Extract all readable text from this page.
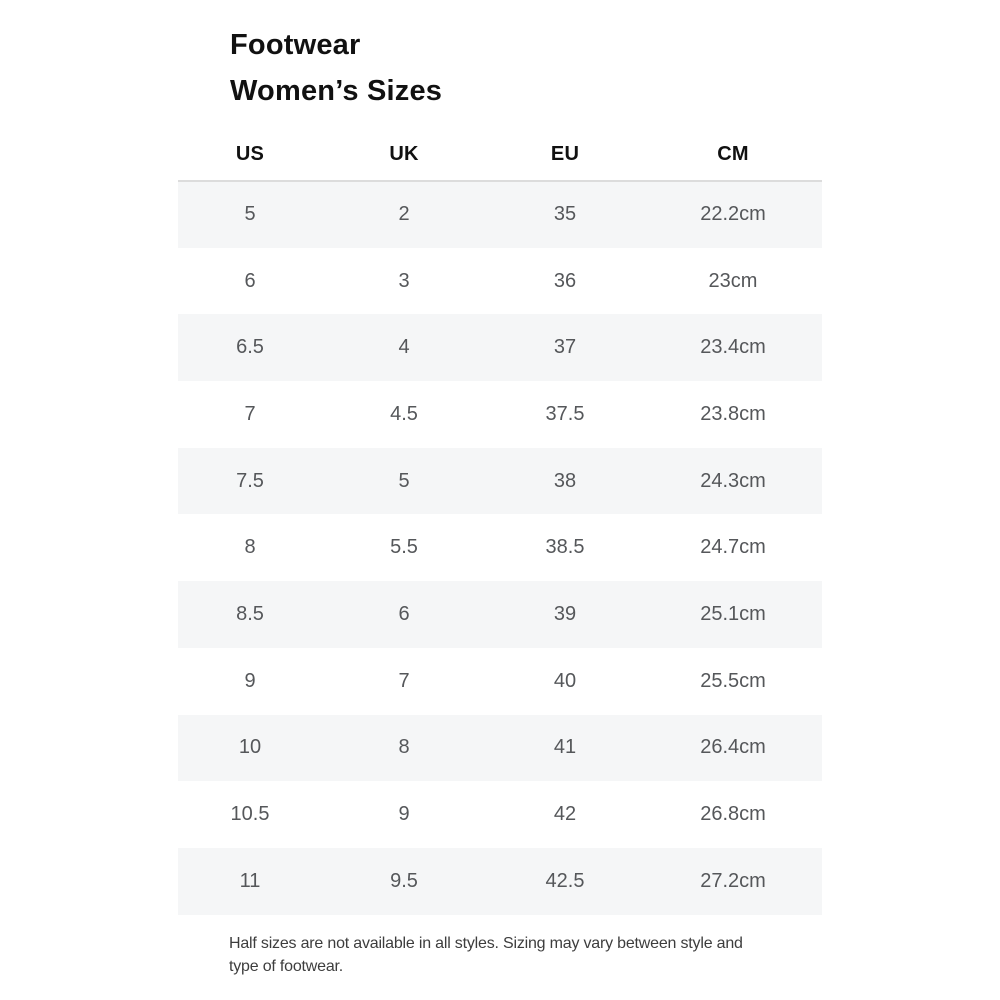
Footwear
Women’s Sizes
US	UK	EU	CM
5	2	35	22.2cm
6	3	36	23cm
6.5	4	37	23.4cm
7	4.5	37.5	23.8cm
7.5	5	38	24.3cm
8	5.5	38.5	24.7cm
8.5	6	39	25.1cm
9	7	40	25.5cm
10	8	41	26.4cm
10.5	9	42	26.8cm
11	9.5	42.5	27.2cm
Half sizes are not available in all styles. Sizing may vary between style and
type of footwear.
